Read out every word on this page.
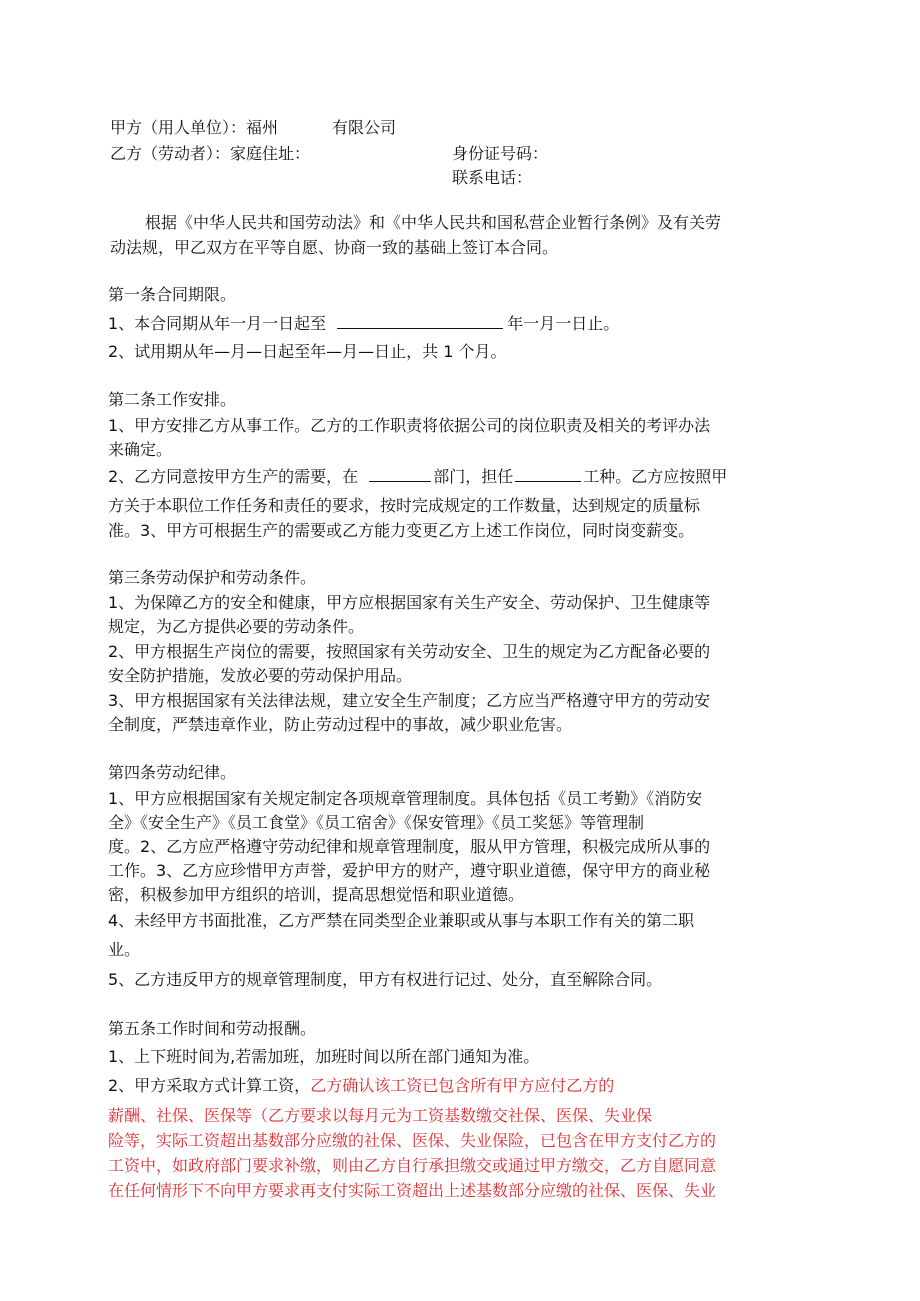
甲方（用人单位）：福州	有限公司
乙方（劳动者）：家庭住址：	身份证号码：
联系电话：
根据《中华人民共和国劳动法》和《中华人民共和国私营企业暂行条例》及有关劳
动法规，甲乙双方在平等自愿、协商一致的基础上签订本合同。
第一条合同期限。
1、本合同期从年一月一日起至	年一月一日止。
2、试用期从年—月—日起至年—月—日止，共 1 个月。
第二条工作安排。
1、甲方安排乙方从事工作。乙方的工作职责将依据公司的岗位职责及相关的考评办法
来确定。
2、乙方同意按甲方生产的需要，在	部门，担任	工种。乙方应按照甲
方关于本职位工作任务和责任的要求，按时完成规定的工作数量，达到规定的质量标
准。3、甲方可根据生产的需要或乙方能力变更乙方上述工作岗位，同时岗变薪变。
第三条劳动保护和劳动条件。
1、为保障乙方的安全和健康，甲方应根据国家有关生产安全、劳动保护、卫生健康等
规定，为乙方提供必要的劳动条件。
2、甲方根据生产岗位的需要，按照国家有关劳动安全、卫生的规定为乙方配备必要的
安全防护措施，发放必要的劳动保护用品。
3、甲方根据国家有关法律法规，建立安全生产制度；乙方应当严格遵守甲方的劳动安
全制度，严禁违章作业，防止劳动过程中的事故，减少职业危害。
第四条劳动纪律。
1、甲方应根据国家有关规定制定各项规章管理制度。具体包括《员工考勤》《消防安
全》《安全生产》《员工食堂》《员工宿舍》《保安管理》《员工奖惩》等管理制
度。2、乙方应严格遵守劳动纪律和规章管理制度，服从甲方管理，积极完成所从事的
工作。3、乙方应珍惜甲方声誉，爱护甲方的财产，遵守职业道德，保守甲方的商业秘
密，积极参加甲方组织的培训，提高思想觉悟和职业道德。
4、未经甲方书面批准，乙方严禁在同类型企业兼职或从事与本职工作有关的第二职
业。
5、乙方违反甲方的规章管理制度，甲方有权进行记过、处分，直至解除合同。
第五条工作时间和劳动报酬。
1、上下班时间为,若需加班，加班时间以所在部门通知为准。
2、甲方采取方式计算工资，乙方确认该工资已包含所有甲方应付乙方的
薪酬、社保、医保等（乙方要求以每月元为工资基数缴交社保、医保、失业保
险等，实际工资超出基数部分应缴的社保、医保、失业保险，已包含在甲方支付乙方的
工资中，如政府部门要求补缴，则由乙方自行承担缴交或通过甲方缴交，乙方自愿同意
在任何情形下不向甲方要求再支付实际工资超出上述基数部分应缴的社保、医保、失业
